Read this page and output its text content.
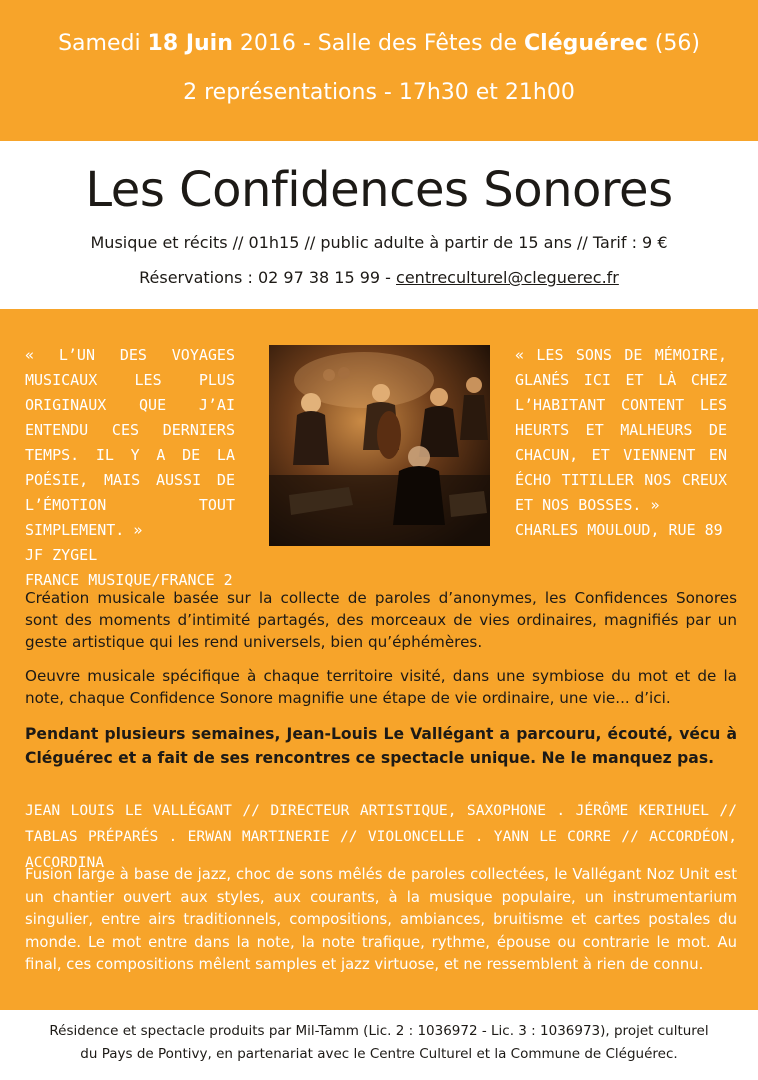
Samedi 18 Juin 2016 - Salle des Fêtes de Cléguérec (56)
2 représentations - 17h30 et 21h00
Les Confidences Sonores
Musique et récits // 01h15 // public adulte à partir de 15 ans // Tarif : 9 €
Réservations : 02 97 38 15 99 - centreculturel@cleguerec.fr
« L’UN DES VOYAGES MUSICAUX LES PLUS ORIGINAUX QUE J’AI ENTENDU CES DERNIERS TEMPS. IL Y A DE LA POÉSIE, MAIS AUSSI DE L’ÉMOTION TOUT SIMPLEMENT. »
JF ZYGEL
FRANCE MUSIQUE/FRANCE 2
« LES SONS DE MÉMOIRE, GLANÉS ICI ET LÀ CHEZ L’HABITANT CONTENT LES HEURTS ET MALHEURS DE CHACUN, ET VIENNENT EN ÉCHO TITILLER NOS CREUX ET NOS BOSSES. »
CHARLES MOULOUD, RUE 89
Création musicale basée sur la collecte de paroles d’anonymes, les Confidences Sonores sont des moments d’intimité partagés, des morceaux de vies ordinaires, magnifiés par un geste artistique qui les rend universels, bien qu’éphémères.
Oeuvre musicale spécifique à chaque territoire visité, dans une symbiose du mot et de la note, chaque Confidence Sonore magnifie une étape de vie ordinaire, une vie... d’ici.
Pendant plusieurs semaines, Jean-Louis Le Vallégant a parcouru, écouté, vécu à Cléguérec et a fait de ses rencontres ce spectacle unique. Ne le manquez pas.
JEAN LOUIS LE VALLÉGANT // DIRECTEUR ARTISTIQUE, SAXOPHONE . JÉRÔME KERIHUEL // TABLAS PRÉPARÉS . ERWAN MARTINERIE // VIOLONCELLE . YANN LE CORRE // ACCORDÉON, ACCORDINA
Fusion large à base de jazz, choc de sons mêlés de paroles collectées, le Vallégant Noz Unit est un chantier ouvert aux styles, aux courants, à la musique populaire, un instrumentarium singulier, entre airs traditionnels, compositions, ambiances, bruitisme et cartes postales du monde. Le mot entre dans la note, la note trafique, rythme, épouse ou contrarie le mot. Au final, ces compositions mêlent samples et jazz virtuose, et ne ressemblent à rien de connu.
Résidence et spectacle produits par Mil-Tamm (Lic. 2 : 1036972 - Lic. 3 : 1036973), projet culturel
du Pays de Pontivy, en partenariat avec le Centre Culturel et la Commune de Cléguérec.
